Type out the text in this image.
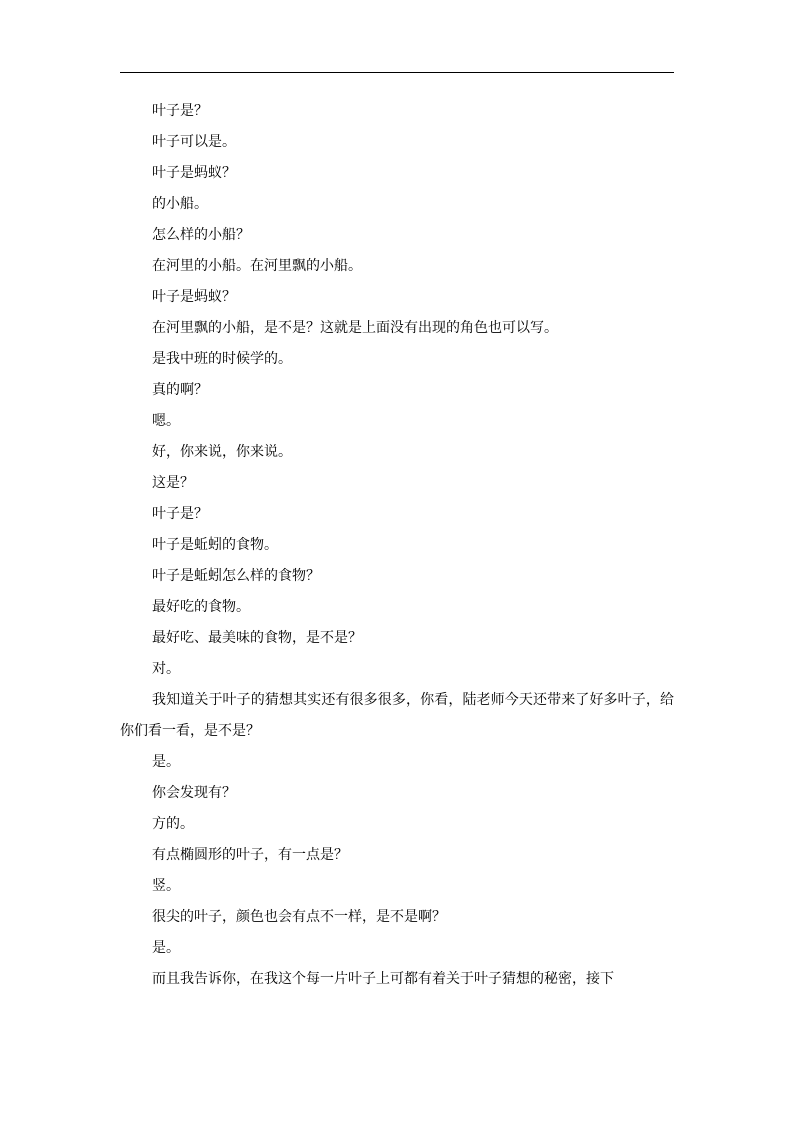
叶子是？

叶子可以是。

叶子是蚂蚁？

的小船。

怎么样的小船？

在河里的小船。在河里飘的小船。

叶子是蚂蚁？

在河里飘的小船，是不是？这就是上面没有出现的角色也可以写。

是我中班的时候学的。

真的啊？

嗯。

好，你来说，你来说。

这是？

叶子是？

叶子是蚯蚓的食物。

叶子是蚯蚓怎么样的食物？

最好吃的食物。

最好吃、最美味的食物，是不是？

对。

我知道关于叶子的猜想其实还有很多很多，你看，陆老师今天还带来了好多叶子，给你们看一看，是不是？

是。

你会发现有？

方的。

有点椭圆形的叶子，有一点是？

竖。

很尖的叶子，颜色也会有点不一样，是不是啊？

是。

而且我告诉你，在我这个每一片叶子上可都有着关于叶子猜想的秘密，接下
